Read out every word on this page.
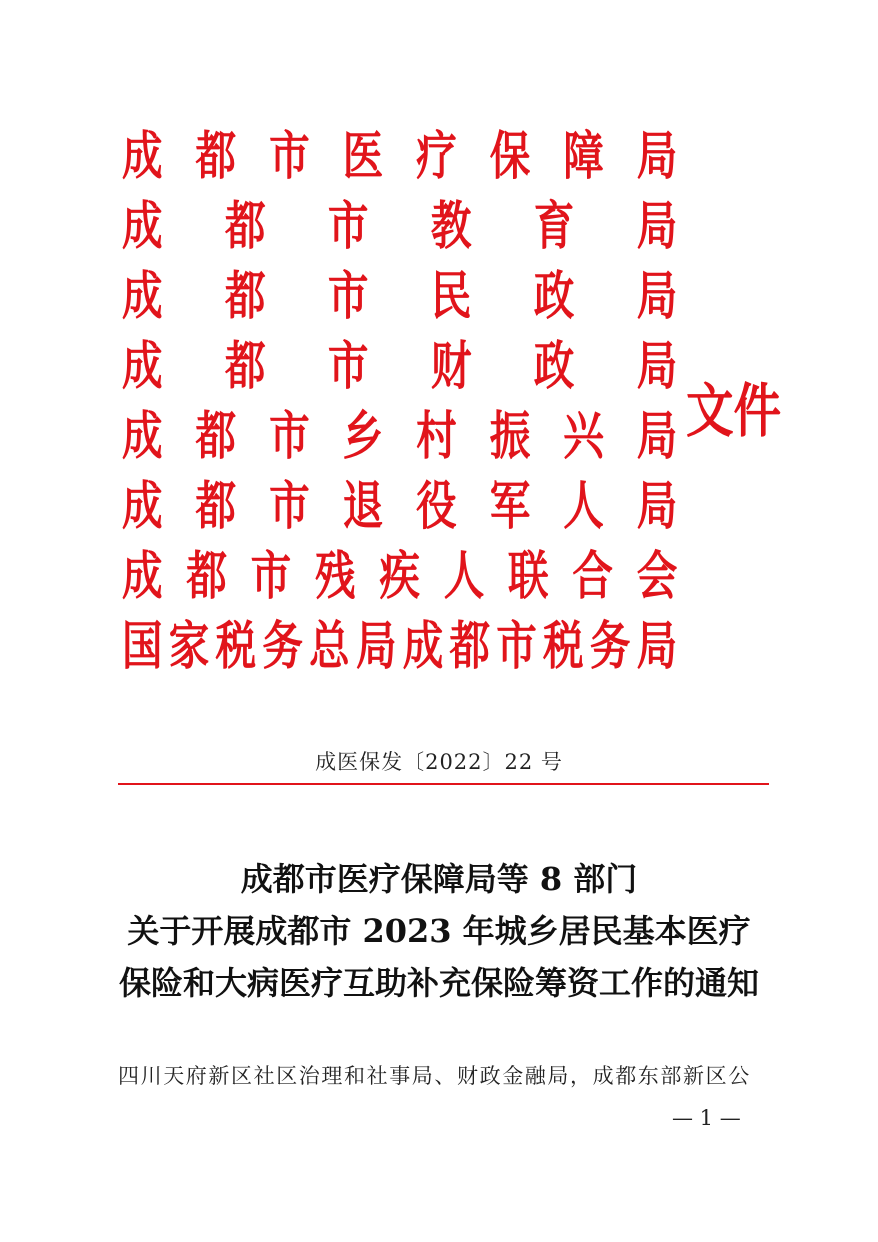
成 都 市 医 疗 保 障 局
成 都 市 教 育 局
成 都 市 民 政 局
成 都 市 财 政 局
成 都 市 乡 村 振 兴 局
成 都 市 退 役 军 人 局
成 都 市 残 疾 人 联 合 会
国 家 税 务 总 局 成 都 市 税 务 局
文件
成医保发〔2022〕22 号
成都市医疗保障局等 8 部门
关于开展成都市 2023 年城乡居民基本医疗
保险和大病医疗互助补充保险筹资工作的通知
四川天府新区社区治理和社事局、财政金融局，成都东部新区公
— 1 —
